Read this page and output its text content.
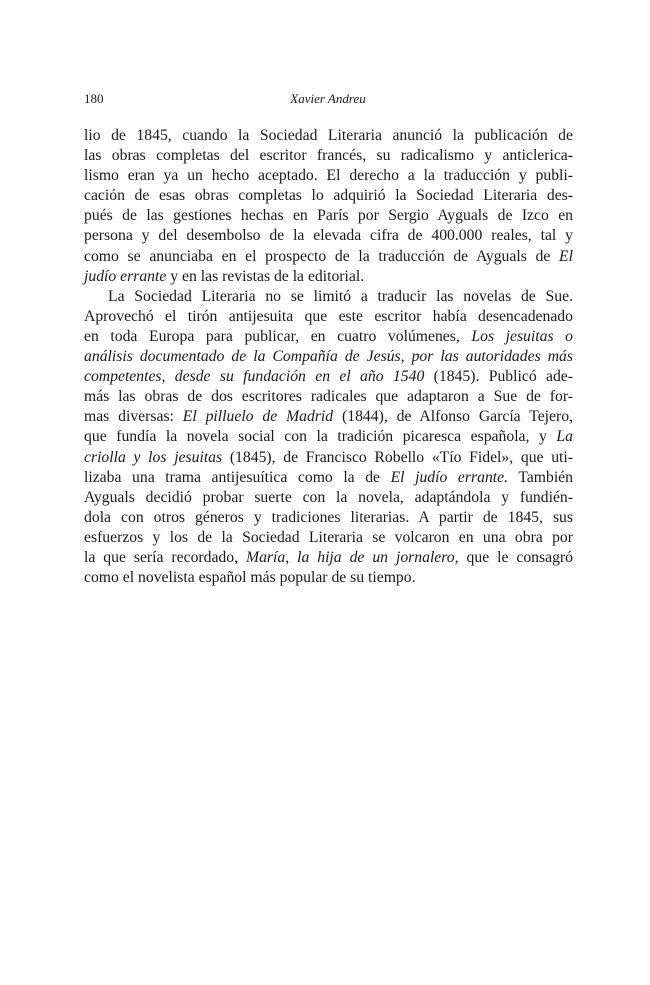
180	Xavier Andreu
lio de 1845, cuando la Sociedad Literaria anunció la publicación de
las obras completas del escritor francés, su radicalismo y anticlerica-
lismo eran ya un hecho aceptado. El derecho a la traducción y publi-
cación de esas obras completas lo adquirió la Sociedad Literaria des-
pués de las gestiones hechas en París por Sergio Ayguals de Izco en
persona y del desembolso de la elevada cifra de 400.000 reales, tal y
como se anunciaba en el prospecto de la traducción de Ayguals de El
judío errante y en las revistas de la editorial.
La Sociedad Literaria no se limitó a traducir las novelas de Sue.
Aprovechó el tirón antijesuita que este escritor había desencadenado
en toda Europa para publicar, en cuatro volúmenes, Los jesuitas o
análisis documentado de la Compañía de Jesús, por las autoridades más
competentes, desde su fundación en el año 1540 (1845). Publicó ade-
más las obras de dos escritores radicales que adaptaron a Sue de for-
mas diversas: El pilluelo de Madrid (1844), de Alfonso García Tejero,
que fundía la novela social con la tradición picaresca española, y La
criolla y los jesuitas (1845), de Francisco Robello «Tío Fidel», que uti-
lizaba una trama antijesuítica como la de El judío errante. También
Ayguals decidió probar suerte con la novela, adaptándola y fundién-
dola con otros géneros y tradiciones literarias. A partir de 1845, sus
esfuerzos y los de la Sociedad Literaria se volcaron en una obra por
la que sería recordado, María, la hija de un jornalero, que le consagró
como el novelista español más popular de su tiempo.
